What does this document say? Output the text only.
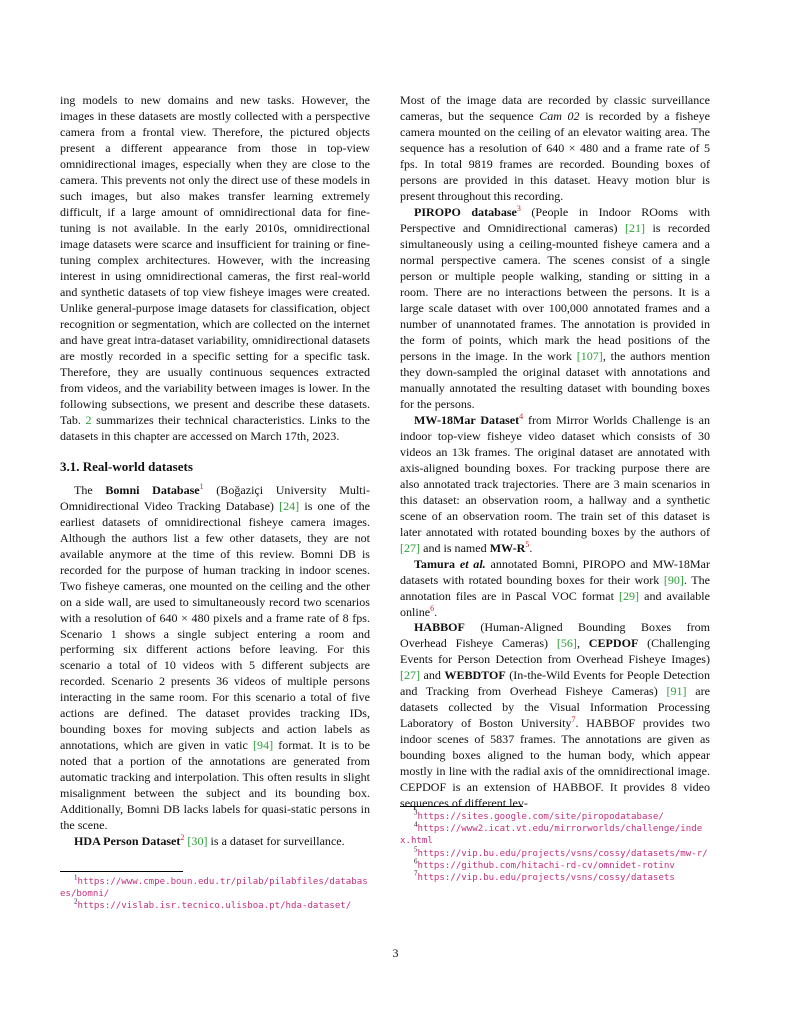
ing models to new domains and new tasks. However, the images in these datasets are mostly collected with a perspective camera from a frontal view. Therefore, the pictured objects present a different appearance from those in top-view omnidirectional images, especially when they are close to the camera. This prevents not only the direct use of these models in such images, but also makes transfer learning extremely difficult, if a large amount of omnidirectional data for fine-tuning is not available. In the early 2010s, omnidirectional image datasets were scarce and insufficient for training or fine-tuning complex architectures. However, with the increasing interest in using omnidirectional cameras, the first real-world and synthetic datasets of top view fisheye images were created. Unlike general-purpose image datasets for classification, object recognition or segmentation, which are collected on the internet and have great intra-dataset variability, omnidirectional datasets are mostly recorded in a specific setting for a specific task. Therefore, they are usually continuous sequences extracted from videos, and the variability between images is lower. In the following subsections, we present and describe these datasets. Tab. 2 summarizes their technical characteristics. Links to the datasets in this chapter are accessed on March 17th, 2023.

3.1. Real-world datasets

The Bomni Database$^1$ (Boğaziçi University Multi-Omnidirectional Video Tracking Database) [24] is one of the earliest datasets of omnidirectional fisheye camera images. Although the authors list a few other datasets, they are not available anymore at the time of this review. Bomni DB is recorded for the purpose of human tracking in indoor scenes. Two fisheye cameras, one mounted on the ceiling and the other on a side wall, are used to simultaneously record two scenarios with a resolution of 640 × 480 pixels and a frame rate of 8 fps. Scenario 1 shows a single subject entering a room and performing six different actions before leaving. For this scenario a total of 10 videos with 5 different subjects are recorded. Scenario 2 presents 36 videos of multiple persons interacting in the same room. For this scenario a total of five actions are defined. The dataset provides tracking IDs, bounding boxes for moving subjects and action labels as annotations, which are given in vatic [94] format. It is to be noted that a portion of the annotations are generated from automatic tracking and interpolation. This often results in slight misalignment between the subject and its bounding box. Additionally, Bomni DB lacks labels for quasi-static persons in the scene.

HDA Person Dataset$^2$ [30] is a dataset for surveillance.

$^1$https://www.cmpe.boun.edu.tr/pilab/pilabfiles/databases/bomni/
$^2$https://vislab.isr.tecnico.ulisboa.pt/hda-dataset/

Most of the image data are recorded by classic surveillance cameras, but the sequence Cam 02 is recorded by a fisheye camera mounted on the ceiling of an elevator waiting area. The sequence has a resolution of 640 × 480 and a frame rate of 5 fps. In total 9819 frames are recorded. Bounding boxes of persons are provided in this dataset. Heavy motion blur is present throughout this recording.

PIROPO database$^3$ (People in Indoor ROoms with Perspective and Omnidirectional cameras) [21] is recorded simultaneously using a ceiling-mounted fisheye camera and a normal perspective camera. The scenes consist of a single person or multiple people walking, standing or sitting in a room. There are no interactions between the persons. It is a large scale dataset with over 100,000 annotated frames and a number of unannotated frames. The annotation is provided in the form of points, which mark the head positions of the persons in the image. In the work [107], the authors mention they down-sampled the original dataset with annotations and manually annotated the resulting dataset with bounding boxes for the persons.

MW-18Mar Dataset$^4$ from Mirror Worlds Challenge is an indoor top-view fisheye video dataset which consists of 30 videos an 13k frames. The original dataset are annotated with axis-aligned bounding boxes. For tracking purpose there are also annotated track trajectories. There are 3 main scenarios in this dataset: an observation room, a hallway and a synthetic scene of an observation room. The train set of this dataset is later annotated with rotated bounding boxes by the authors of [27] and is named MW-R$^5$.

Tamura et al. annotated Bomni, PIROPO and MW-18Mar datasets with rotated bounding boxes for their work [90]. The annotation files are in Pascal VOC format [29] and available online$^6$.

HABBOF (Human-Aligned Bounding Boxes from Overhead Fisheye Cameras) [56], CEPDOF (Challenging Events for Person Detection from Overhead Fisheye Images) [27] and WEBDTOF (In-the-Wild Events for People Detection and Tracking from Overhead Fisheye Cameras) [91] are datasets collected by the Visual Information Processing Laboratory of Boston University$^7$. HABBOF provides two indoor scenes of 5837 frames. The annotations are given as bounding boxes aligned to the human body, which appear mostly in line with the radial axis of the omnidirectional image. CEPDOF is an extension of HABBOF. It provides 8 video sequences of different lev-

$^3$https://sites.google.com/site/piropodatabase/
$^4$https://www2.icat.vt.edu/mirrorworlds/challenge/index.html
$^5$https://vip.bu.edu/projects/vsns/cossy/datasets/mw-r/
$^6$https://github.com/hitachi-rd-cv/omnidet-rotinv
$^7$https://vip.bu.edu/projects/vsns/cossy/datasets
3
